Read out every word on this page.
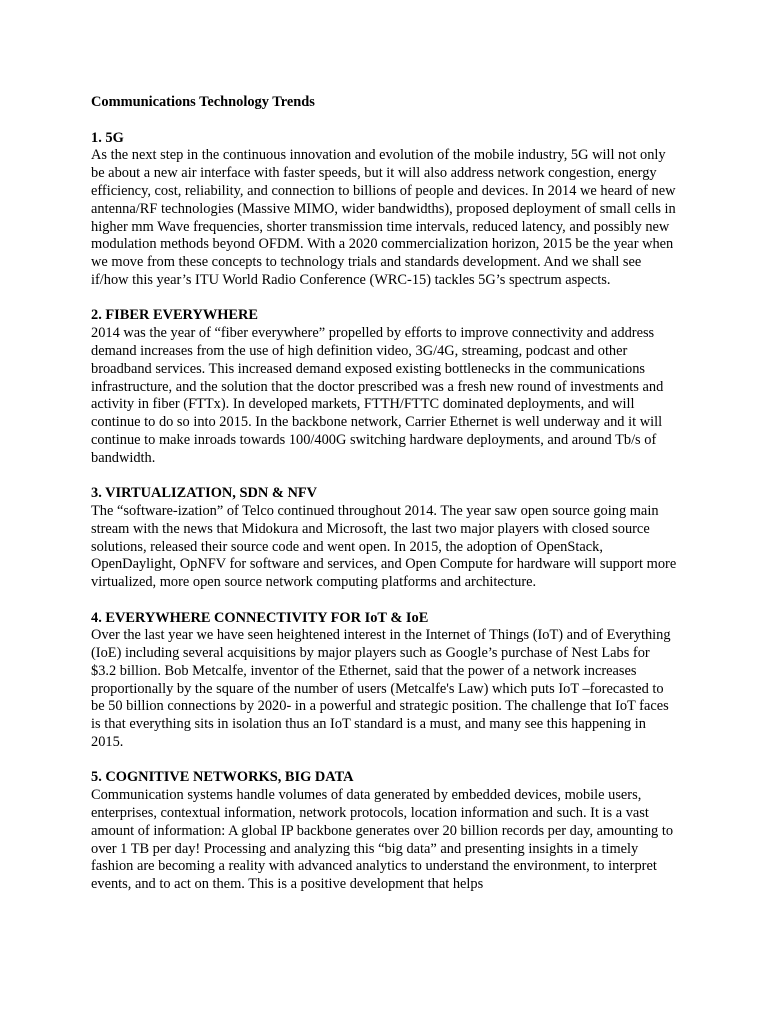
Communications Technology Trends

1. 5G

As the next step in the continuous innovation and evolution of the mobile industry, 5G will not only be about a new air interface with faster speeds, but it will also address network congestion, energy efficiency, cost, reliability, and connection to billions of people and devices. In 2014 we heard of new antenna/RF technologies (Massive MIMO, wider bandwidths), proposed deployment of small cells in higher mm Wave frequencies, shorter transmission time intervals, reduced latency, and possibly new modulation methods beyond OFDM. With a 2020 commercialization horizon, 2015 be the year when we move from these concepts to technology trials and standards development. And we shall see if/how this year’s ITU World Radio Conference (WRC-15) tackles 5G’s spectrum aspects.

2. FIBER EVERYWHERE

2014 was the year of “fiber everywhere” propelled by efforts to improve connectivity and address demand increases from the use of high definition video, 3G/4G, streaming, podcast and other broadband services. This increased demand exposed existing bottlenecks in the communications infrastructure, and the solution that the doctor prescribed was a fresh new round of investments and activity in fiber (FTTx). In developed markets, FTTH/FTTC dominated deployments, and will continue to do so into 2015. In the backbone network, Carrier Ethernet is well underway and it will continue to make inroads towards 100/400G switching hardware deployments, and around Tb/s of bandwidth.

3. VIRTUALIZATION, SDN & NFV

The “software-ization” of Telco continued throughout 2014. The year saw open source going main stream with the news that Midokura and Microsoft, the last two major players with closed source solutions, released their source code and went open. In 2015, the adoption of OpenStack, OpenDaylight, OpNFV for software and services, and Open Compute for hardware will support more virtualized, more open source network computing platforms and architecture.

4. EVERYWHERE CONNECTIVITY FOR IoT & IoE

Over the last year we have seen heightened interest in the Internet of Things (IoT) and of Everything (IoE) including several acquisitions by major players such as Google’s purchase of Nest Labs for $3.2 billion. Bob Metcalfe, inventor of the Ethernet, said that the power of a network increases proportionally by the square of the number of users (Metcalfe's Law) which puts IoT –forecasted to be 50 billion connections by 2020- in a powerful and strategic position. The challenge that IoT faces is that everything sits in isolation thus an IoT standard is a must, and many see this happening in 2015.

5. COGNITIVE NETWORKS, BIG DATA

Communication systems handle volumes of data generated by embedded devices, mobile users, enterprises, contextual information, network protocols, location information and such. It is a vast amount of information: A global IP backbone generates over 20 billion records per day, amounting to over 1 TB per day! Processing and analyzing this “big data” and presenting insights in a timely fashion are becoming a reality with advanced analytics to understand the environment, to interpret events, and to act on them. This is a positive development that helps
